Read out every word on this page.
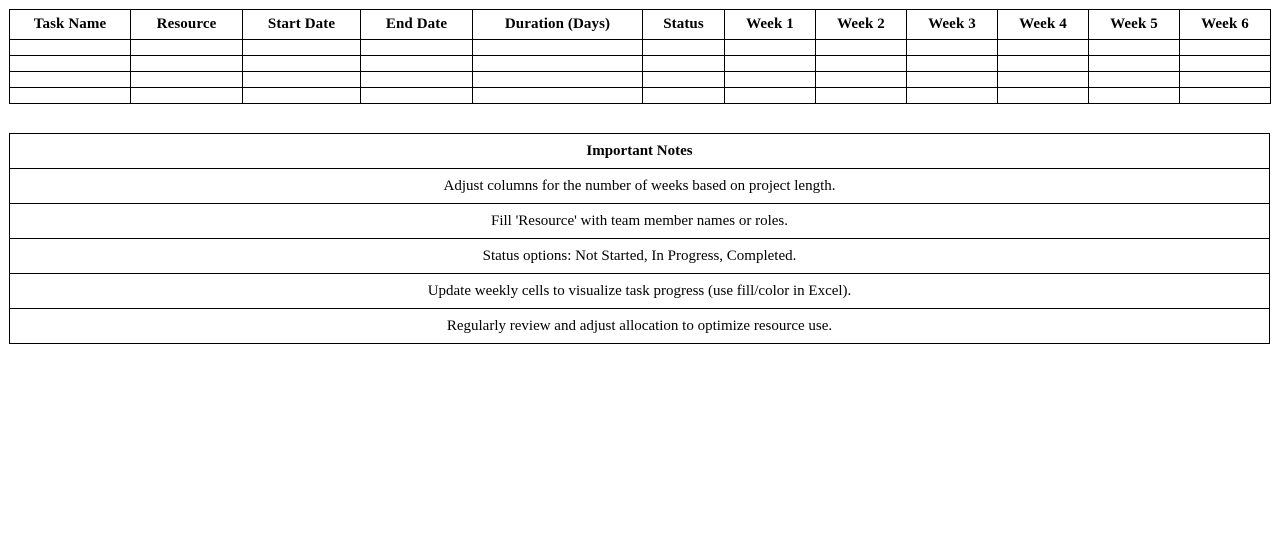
Task Name	Resource	Start Date	End Date	Duration (Days)	Status	Week 1	Week 2	Week 3	Week 4	Week 5	Week 6

Important Notes
Adjust columns for the number of weeks based on project length.
Fill 'Resource' with team member names or roles.
Status options: Not Started, In Progress, Completed.
Update weekly cells to visualize task progress (use fill/color in Excel).
Regularly review and adjust allocation to optimize resource use.
